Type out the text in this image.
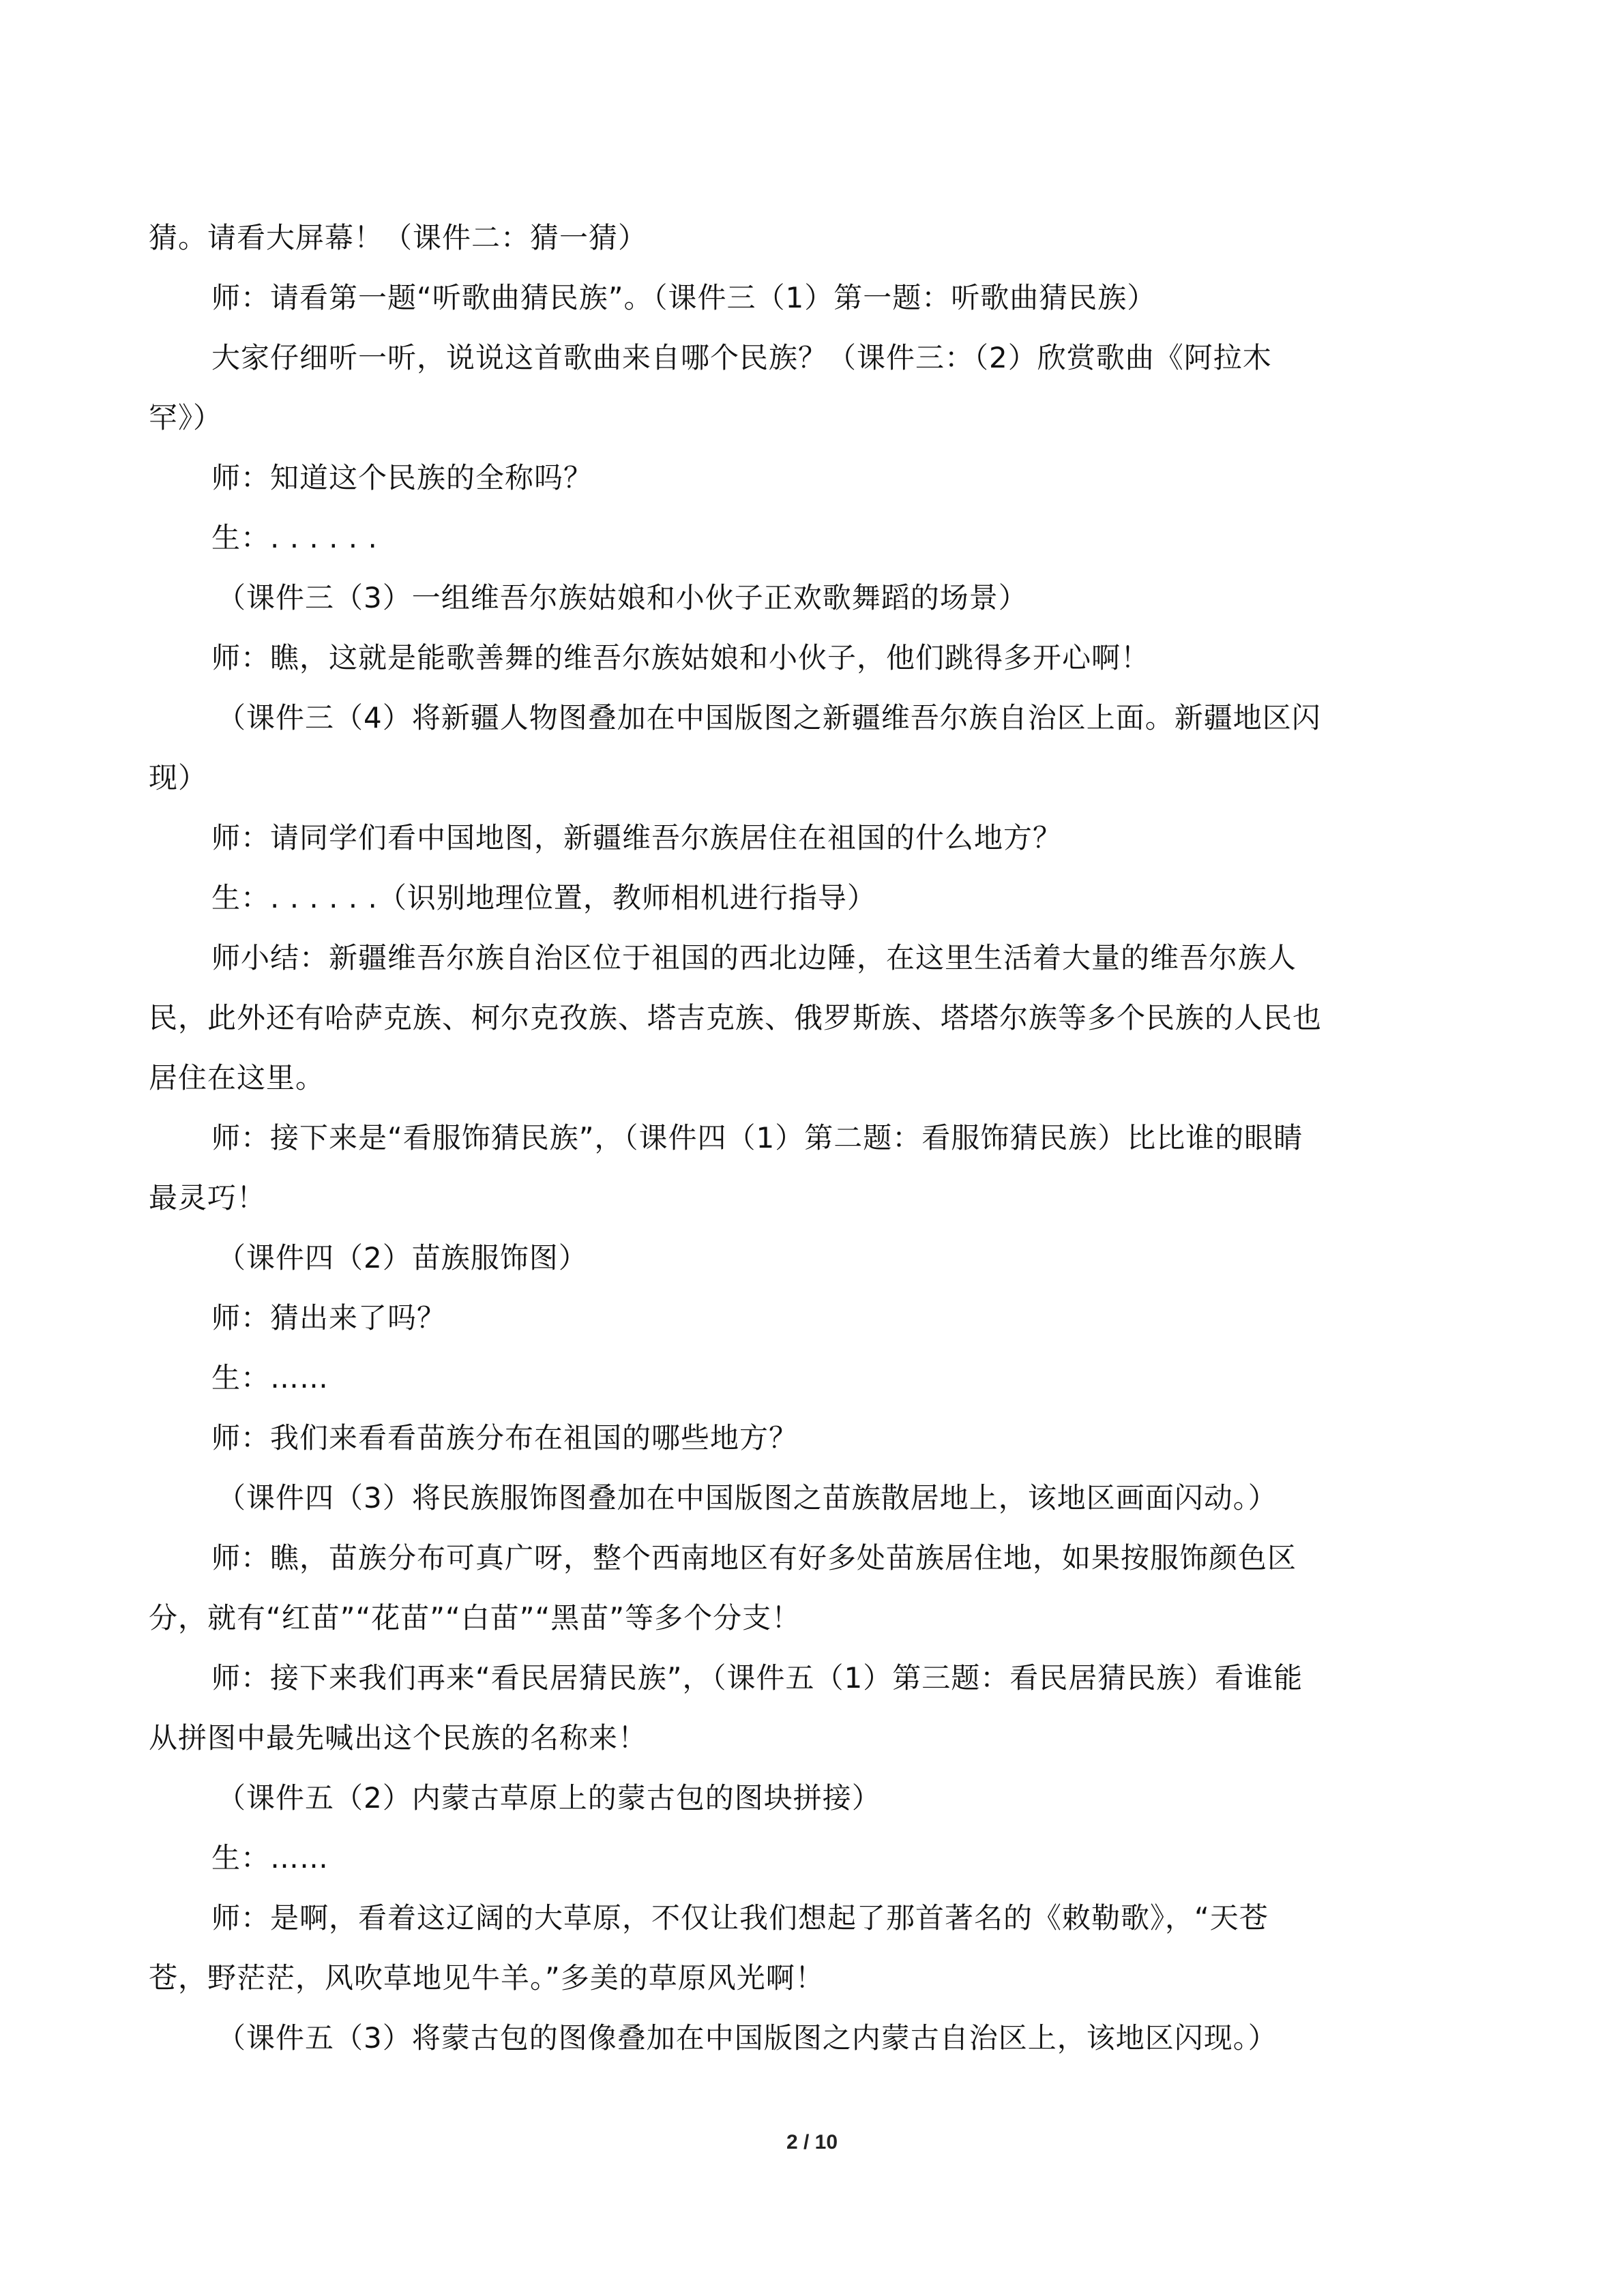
猜。请看大屏幕！（课件二：猜一猜）
师：请看第一题“听歌曲猜民族”。（课件三（1）第一题：听歌曲猜民族）
大家仔细听一听，说说这首歌曲来自哪个民族？（课件三：（2）欣赏歌曲《阿拉木
罕》）
师：知道这个民族的全称吗？
生：. . . . . .
（课件三（3）一组维吾尔族姑娘和小伙子正欢歌舞蹈的场景）
师：瞧，这就是能歌善舞的维吾尔族姑娘和小伙子，他们跳得多开心啊！
（课件三（4）将新疆人物图叠加在中国版图之新疆维吾尔族自治区上面。新疆地区闪
现）
师：请同学们看中国地图，新疆维吾尔族居住在祖国的什么地方？
生：. . . . . .（识别地理位置，教师相机进行指导）
师小结：新疆维吾尔族自治区位于祖国的西北边陲，在这里生活着大量的维吾尔族人
民，此外还有哈萨克族、柯尔克孜族、塔吉克族、俄罗斯族、塔塔尔族等多个民族的人民也
居住在这里。
师：接下来是“看服饰猜民族”，（课件四（1）第二题：看服饰猜民族）比比谁的眼睛
最灵巧！
（课件四（2）苗族服饰图）
师：猜出来了吗？
生：……
师：我们来看看苗族分布在祖国的哪些地方？
（课件四（3）将民族服饰图叠加在中国版图之苗族散居地上，该地区画面闪动。）
师：瞧，苗族分布可真广呀，整个西南地区有好多处苗族居住地，如果按服饰颜色区
分，就有“红苗”“花苗”“白苗”“黑苗”等多个分支！
师：接下来我们再来“看民居猜民族”，（课件五（1）第三题：看民居猜民族）看谁能
从拼图中最先喊出这个民族的名称来！
（课件五（2）内蒙古草原上的蒙古包的图块拼接）
生：……
师：是啊，看着这辽阔的大草原，不仅让我们想起了那首著名的《敕勒歌》，“天苍
苍，野茫茫，风吹草地见牛羊。”多美的草原风光啊！
（课件五（3）将蒙古包的图像叠加在中国版图之内蒙古自治区上，该地区闪现。）
2 / 10
